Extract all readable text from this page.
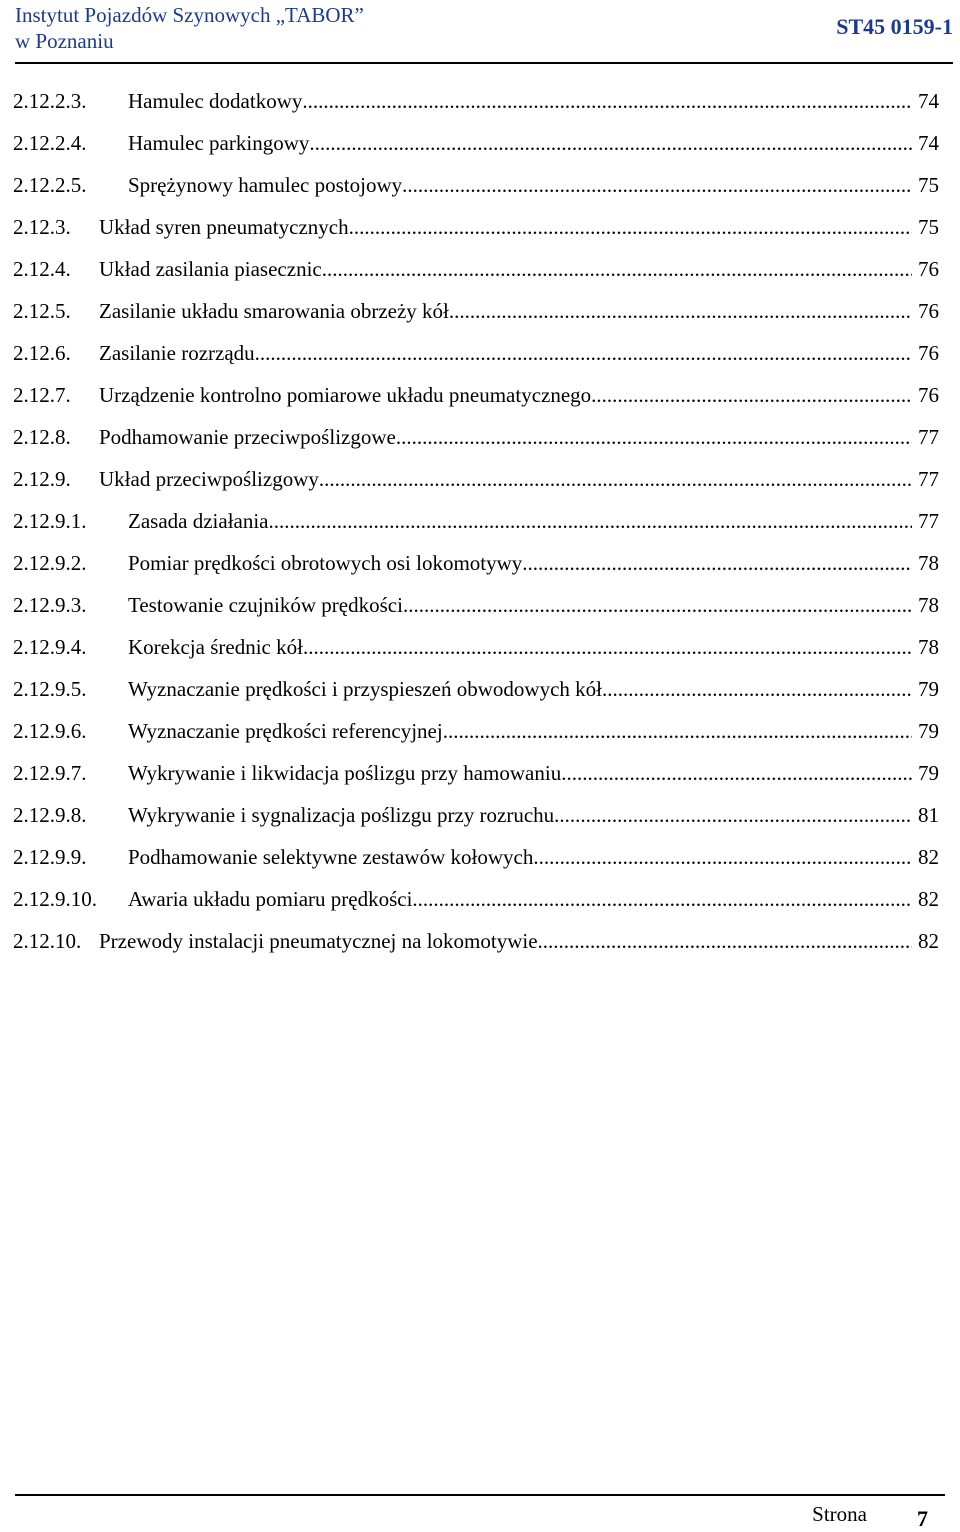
Instytut Pojazdów Szynowych „TABOR”
w Poznaniu
ST45 0159-1
2.12.2.3. Hamulec dodatkowy .....	74
2.12.2.4. Hamulec parkingowy .....	74
2.12.2.5. Sprężynowy hamulec postojowy .....	75
2.12.3. Układ syren pneumatycznych .....	75
2.12.4. Układ zasilania piasecznic .....	76
2.12.5. Zasilanie układu smarowania obrzeży kół .....	76
2.12.6. Zasilanie rozrządu .....	76
2.12.7. Urządzenie kontrolno pomiarowe układu pneumatycznego .....	76
2.12.8. Podhamowanie przeciwpoślizgowe .....	77
2.12.9. Układ przeciwpoślizgowy .....	77
2.12.9.1. Zasada działania .....	77
2.12.9.2. Pomiar prędkości obrotowych osi lokomotywy .....	78
2.12.9.3. Testowanie czujników prędkości .....	78
2.12.9.4. Korekcja średnic kół .....	78
2.12.9.5. Wyznaczanie prędkości i przyspieszeń obwodowych kół .....	79
2.12.9.6. Wyznaczanie prędkości referencyjnej .....	79
2.12.9.7. Wykrywanie i likwidacja poślizgu przy hamowaniu .....	79
2.12.9.8. Wykrywanie i sygnalizacja poślizgu przy rozruchu .....	81
2.12.9.9. Podhamowanie selektywne zestawów kołowych .....	82
2.12.9.10. Awaria układu pomiaru prędkości .....	82
2.12.10. Przewody instalacji pneumatycznej na lokomotywie .....	82
Strona 7
